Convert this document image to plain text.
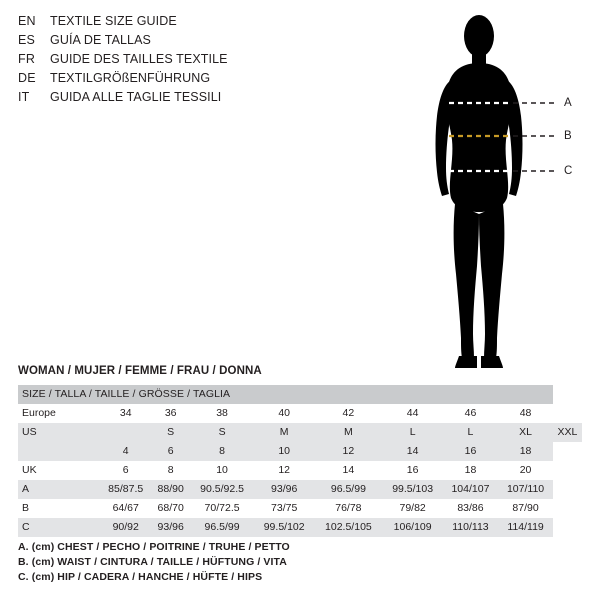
EN	TEXTILE SIZE GUIDE
ES	GUÍA DE TALLAS
FR	GUIDE DES TAILLES TEXTILE
DE	TEXTILGRÖßENFÜHRUNG
IT	GUIDA ALLE TAGLIE TESSILI	A
B
C
WOMAN / MUJER / FEMME / FRAU / DONNA
SIZE / TALLA / TAILLE / GRÖSSE / TAGLIA									
Europe	34	36	38	40	42	44	46	48	
US		S	S	M	M	L	L	XL	XXL
	4	6	8	10	12	14	16	18	
UK	6	8	10	12	14	16	18	20	
A	85/87.5	88/90	90.5/92.5	93/96	96.5/99	99.5/103	104/107	107/110	
B	64/67	68/70	70/72.5	73/75	76/78	79/82	83/86	87/90	
C	90/92	93/96	96.5/99	99.5/102	102.5/105	106/109	110/113	114/119	
A. (cm) CHEST / PECHO / POITRINE / TRUHE / PETTO
B. (cm) WAIST / CINTURA / TAILLE / HÜFTUNG / VITA
C. (cm) HIP / CADERA / HANCHE / HÜFTE / HIPS
